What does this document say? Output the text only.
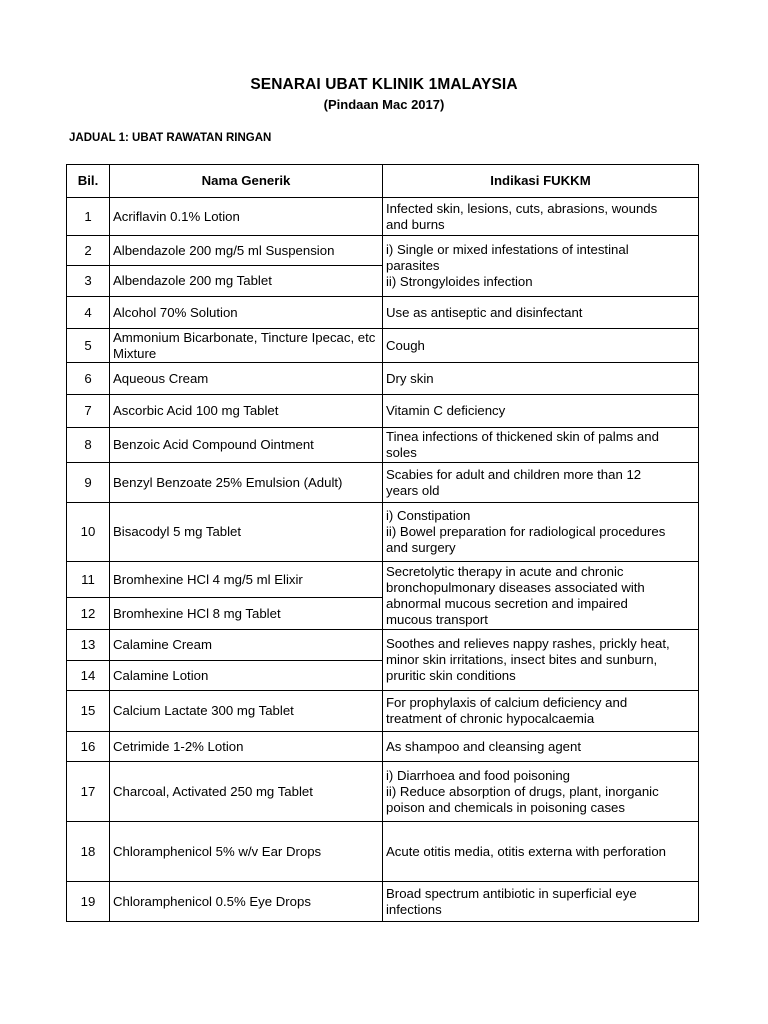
SENARAI UBAT KLINIK 1MALAYSIA
(Pindaan Mac 2017)
JADUAL 1: UBAT RAWATAN RINGAN
Bil.	Nama Generik	Indikasi FUKKM
1	Acriflavin 0.1% Lotion	Infected skin, lesions, cuts, abrasions, wounds
and burns

2	Albendazole 200 mg/5 ml Suspension	i) Single or mixed infestations of intestinal
parasites
ii) Strongyloides infection

3	Albendazole 200 mg Tablet	
4	Alcohol 70% Solution	Use as antiseptic and disinfectant

5	Ammonium Bicarbonate, Tincture Ipecac, etc Mixture	Cough

6	Aqueous Cream	Dry skin

7	Ascorbic Acid 100 mg Tablet	Vitamin C deficiency

8	Benzoic Acid Compound Ointment	Tinea infections of thickened skin of palms and
soles

9	Benzyl Benzoate 25% Emulsion (Adult)	Scabies for adult and children more than 12
years old

10	Bisacodyl 5 mg Tablet	i) Constipation
ii) Bowel preparation for radiological procedures
and surgery

11	Bromhexine HCl 4 mg/5 ml Elixir	Secretolytic therapy in acute and chronic
bronchopulmonary diseases associated with
abnormal mucous secretion and impaired
mucous transport

12	Bromhexine HCl 8 mg Tablet	
13	Calamine Cream	Soothes and relieves nappy rashes, prickly heat,
minor skin irritations, insect bites and sunburn,
pruritic skin conditions

14	Calamine Lotion	
15	Calcium Lactate 300 mg Tablet	For prophylaxis of calcium deficiency and
treatment of chronic hypocalcaemia

16	Cetrimide 1-2% Lotion	As shampoo and cleansing agent

17	Charcoal, Activated 250 mg Tablet	i) Diarrhoea and food poisoning
ii) Reduce absorption of drugs, plant, inorganic
poison and chemicals in poisoning cases

18	Chloramphenicol 5% w/v Ear Drops	Acute otitis media, otitis externa with perforation

19	Chloramphenicol 0.5% Eye Drops	Broad spectrum antibiotic in superficial eye
infections
